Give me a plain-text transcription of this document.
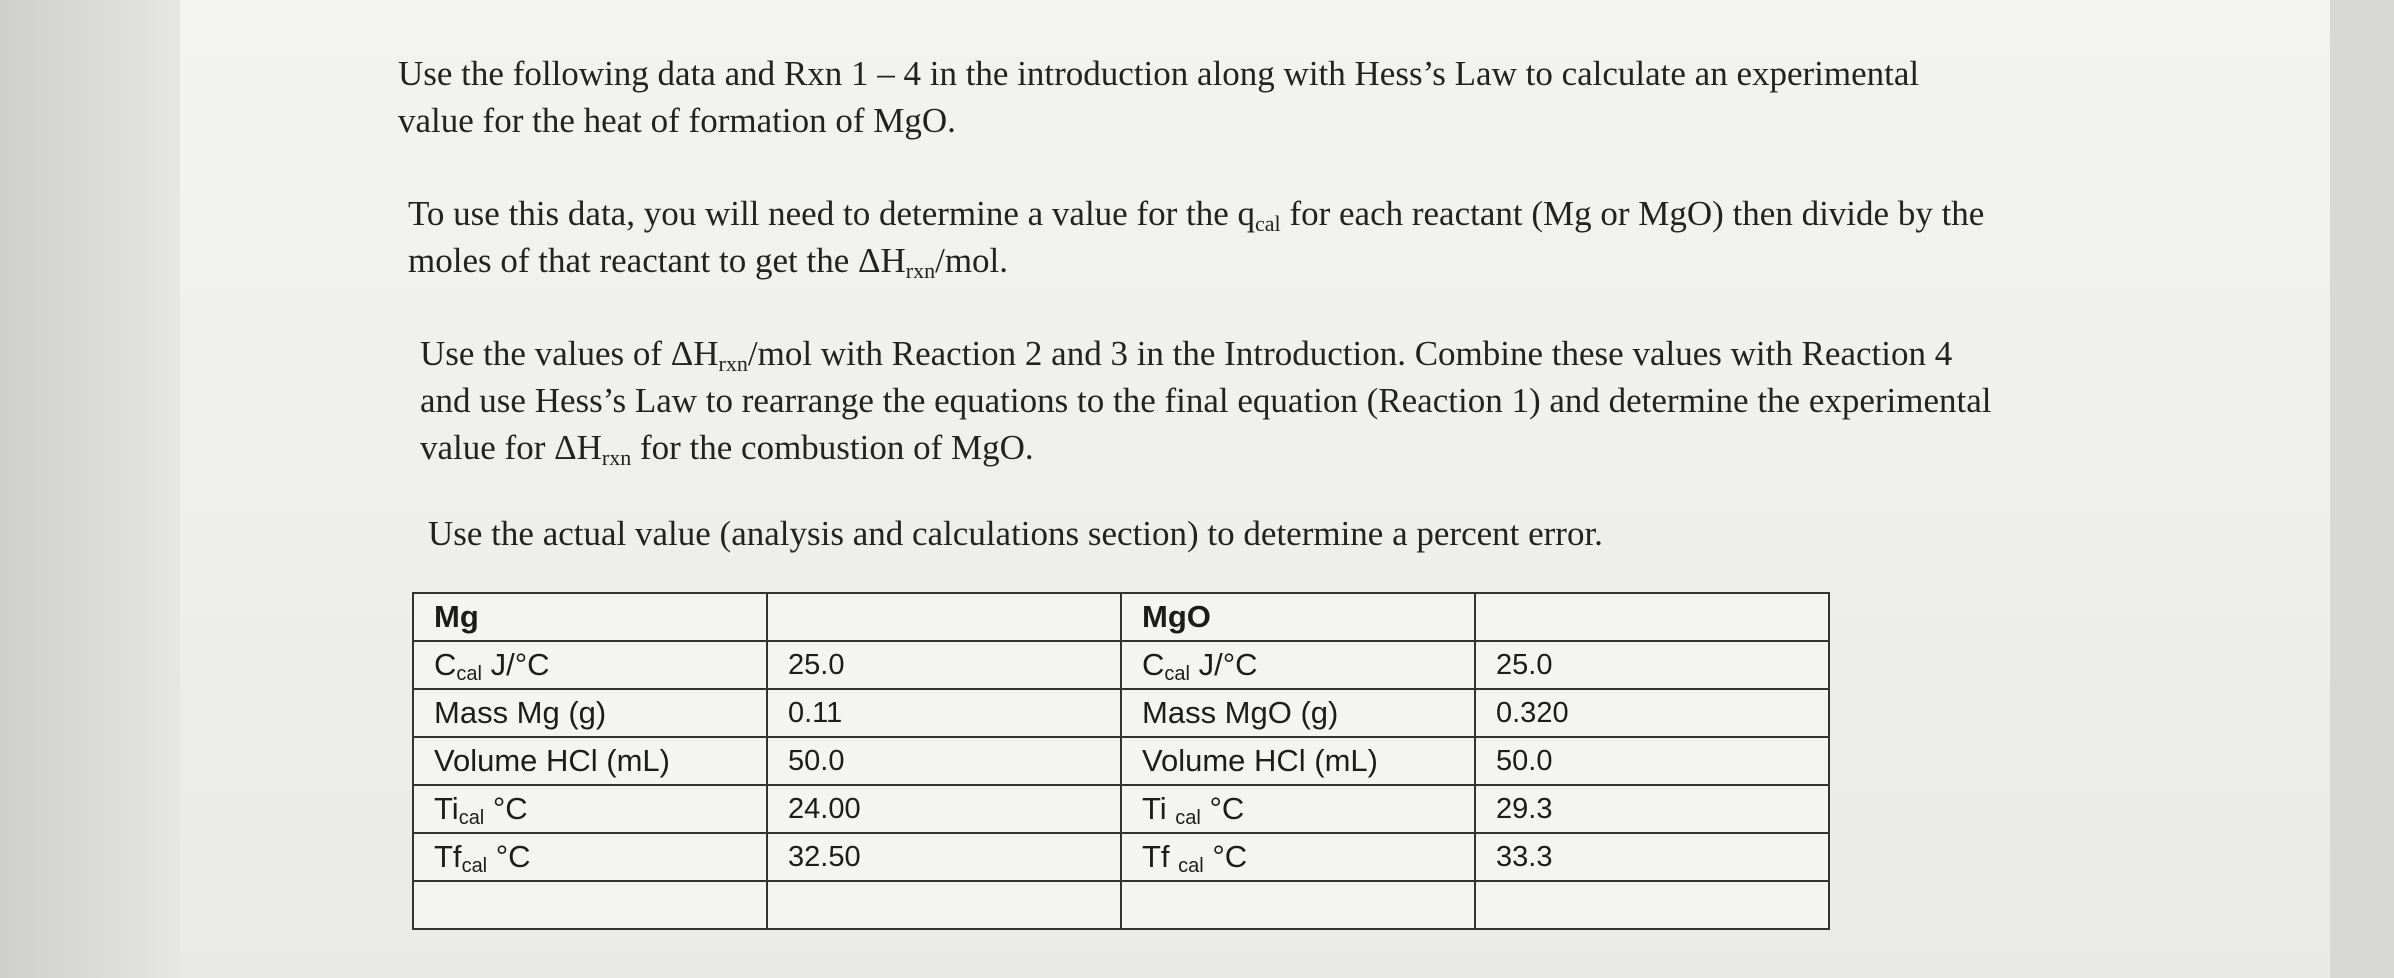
Use the following data and Rxn 1 – 4 in the introduction along with Hess’s Law to calculate an experimental
value for the heat of formation of MgO.

To use this data, you will need to determine a value for the $q_{cal}$ for each reactant (Mg or MgO) then divide by the
moles of that reactant to get the $\Delta H_{rxn}$/mol.

Use the values of $\Delta H_{rxn}$/mol with Reaction 2 and 3 in the Introduction. Combine these values with Reaction 4
and use Hess’s Law to rearrange the equations to the final equation (Reaction 1) and determine the experimental
value for $\Delta H_{rxn}$ for the combustion of MgO.

Use the actual value (analysis and calculations section) to determine a percent error.

Mg		MgO	
$C_{cal}$ J/°C	25.0	$C_{cal}$ J/°C	25.0
Mass Mg (g)	0.11	Mass MgO (g)	0.320
Volume HCl (mL)	50.0	Volume HCl (mL)	50.0
$Ti_{cal}$ °C	24.00	Ti $_{cal}$ °C	29.3
$Tf_{cal}$ °C	32.50	Tf $_{cal}$ °C	33.3
